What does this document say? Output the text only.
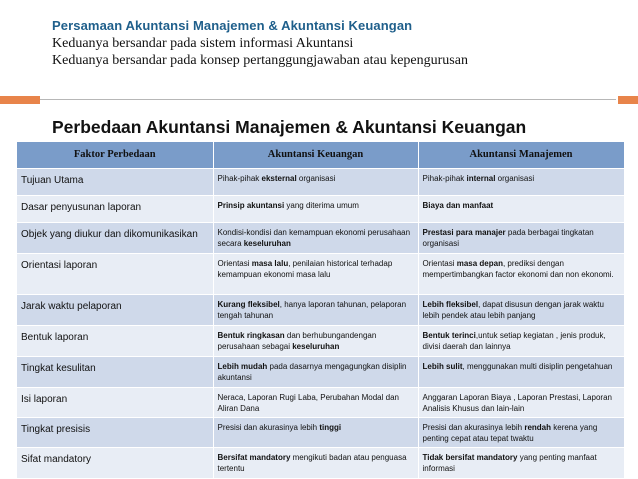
Persamaan Akuntansi Manajemen & Akuntansi Keuangan
Keduanya bersandar pada sistem informasi Akuntansi
Keduanya bersandar pada konsep pertanggungjawaban atau kepengurusan
Perbedaan Akuntansi Manajemen & Akuntansi Keuangan
Faktor Perbedaan	Akuntansi Keuangan	Akuntansi Manajemen
Tujuan Utama	Pihak-pihak eksternal organisasi	Pihak-pihak internal organisasi
Dasar penyusunan laporan	Prinsip akuntansi yang diterima umum	Biaya dan manfaat
Objek yang diukur dan dikomunikasikan	Kondisi-kondisi dan kemampuan ekonomi perusahaan secara keseluruhan	Prestasi para manajer pada berbagai tingkatan organisasi
Orientasi laporan	Orientasi masa lalu, penilaian historical terhadap kemampuan ekonomi masa lalu	Orientasi masa depan, prediksi dengan mempertimbangkan factor ekonomi dan non ekonomi.
Jarak waktu pelaporan	Kurang fleksibel, hanya laporan tahunan, pelaporan tengah tahunan	Lebih fleksibel, dapat disusun dengan jarak waktu lebih pendek atau lebih panjang
Bentuk laporan	Bentuk ringkasan dan berhubungandengan perusahaan sebagai keseluruhan	Bentuk terinci,untuk setiap kegiatan , jenis produk, divisi daerah dan lainnya
Tingkat kesulitan	Lebih mudah pada dasarnya mengagungkan disiplin akuntansi	Lebih sulit, menggunakan multi disiplin pengetahuan
Isi laporan	Neraca, Laporan Rugi Laba, Perubahan Modal dan Aliran Dana	Anggaran Laporan Biaya , Laporan Prestasi, Laporan Analisis Khusus dan lain-lain
Tingkat presisis	Presisi dan akurasinya lebih tinggi	Presisi dan akurasinya lebih rendah kerena yang penting cepat atau tepat twaktu
Sifat mandatory	Bersifat mandatory mengikuti badan atau penguasa tertentu	Tidak bersifat mandatory yang penting manfaat informasi
